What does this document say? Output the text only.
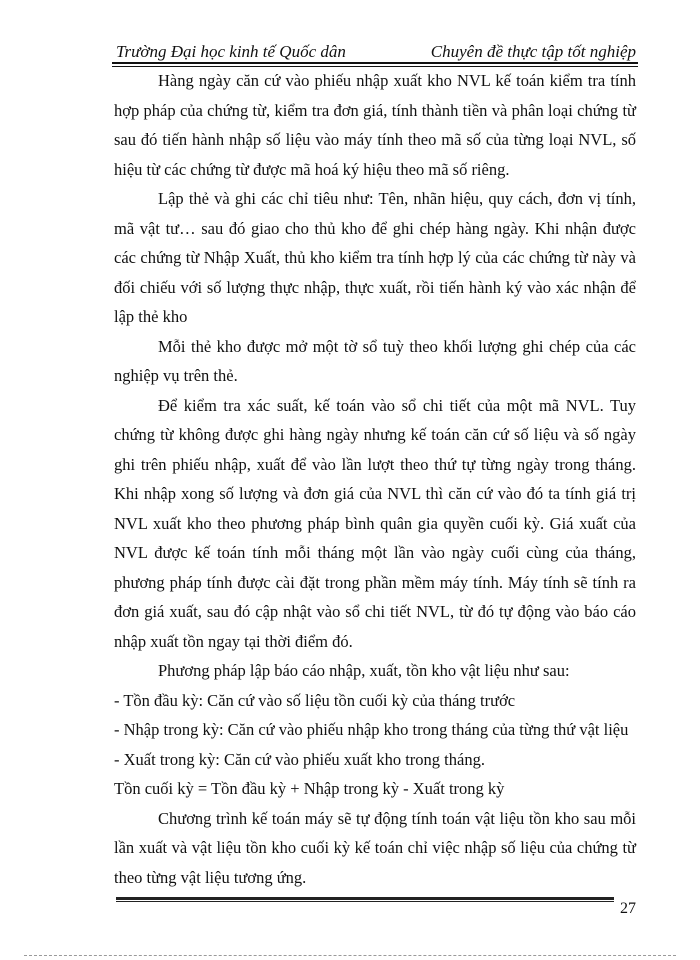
Trường Đại học kinh tế Quốc dân	Chuyên đề thực tập tốt nghiệp

Hàng ngày căn cứ vào phiếu nhập xuất kho NVL kế toán kiểm tra tính hợp pháp của chứng từ, kiểm tra đơn giá, tính thành tiền và phân loại chứng từ sau đó tiến hành nhập số liệu vào máy tính theo mã số của từng loại NVL, số hiệu từ các chứng từ được mã hoá ký hiệu theo mã số riêng.

Lập thẻ và ghi các chỉ tiêu như: Tên, nhãn hiệu, quy cách, đơn vị tính, mã vật tư… sau đó giao cho thủ kho để ghi chép hàng ngày. Khi nhận được các chứng từ Nhập Xuất, thủ kho kiểm tra tính hợp lý của các chứng từ này và đối chiếu với số lượng thực nhập, thực xuất, rồi tiến hành ký vào xác nhận để lập thẻ kho

Mỗi thẻ kho được mở một tờ sổ tuỳ theo khối lượng ghi chép của các nghiệp vụ trên thẻ.

Để kiểm tra xác suất, kế toán vào sổ chi tiết của một mã NVL. Tuy chứng từ không được ghi hàng ngày nhưng kế toán căn cứ số liệu và số ngày ghi trên phiếu nhập, xuất để vào lần lượt theo thứ tự từng ngày trong tháng. Khi nhập xong số lượng và đơn giá của NVL thì căn cứ vào đó ta tính giá trị NVL xuất kho theo phương pháp bình quân gia quyền cuối kỳ. Giá xuất của NVL được kế toán tính mỗi tháng một lần vào ngày cuối cùng của tháng, phương pháp tính được cài đặt trong phần mềm máy tính. Máy tính sẽ tính ra đơn giá xuất, sau đó cập nhật vào sổ chi tiết NVL, từ đó tự động vào báo cáo nhập xuất tồn ngay tại thời điểm đó.

Phương pháp lập báo cáo nhập, xuất, tồn kho vật liệu như sau:

- Tồn đầu kỳ: Căn cứ vào số liệu tồn cuối kỳ của tháng trước

- Nhập trong kỳ: Căn cứ vào phiếu nhập kho trong tháng của từng thứ vật liệu

- Xuất trong kỳ: Căn cứ vào phiếu xuất kho trong tháng.

Tồn cuối kỳ = Tồn đầu kỳ + Nhập trong kỳ - Xuất trong kỳ

Chương trình kế toán máy sẽ tự động tính toán vật liệu tồn kho sau mỗi lần xuất và vật liệu tồn kho cuối kỳ kế toán chỉ việc nhập số liệu của chứng từ theo từng vật liệu tương ứng.

27
